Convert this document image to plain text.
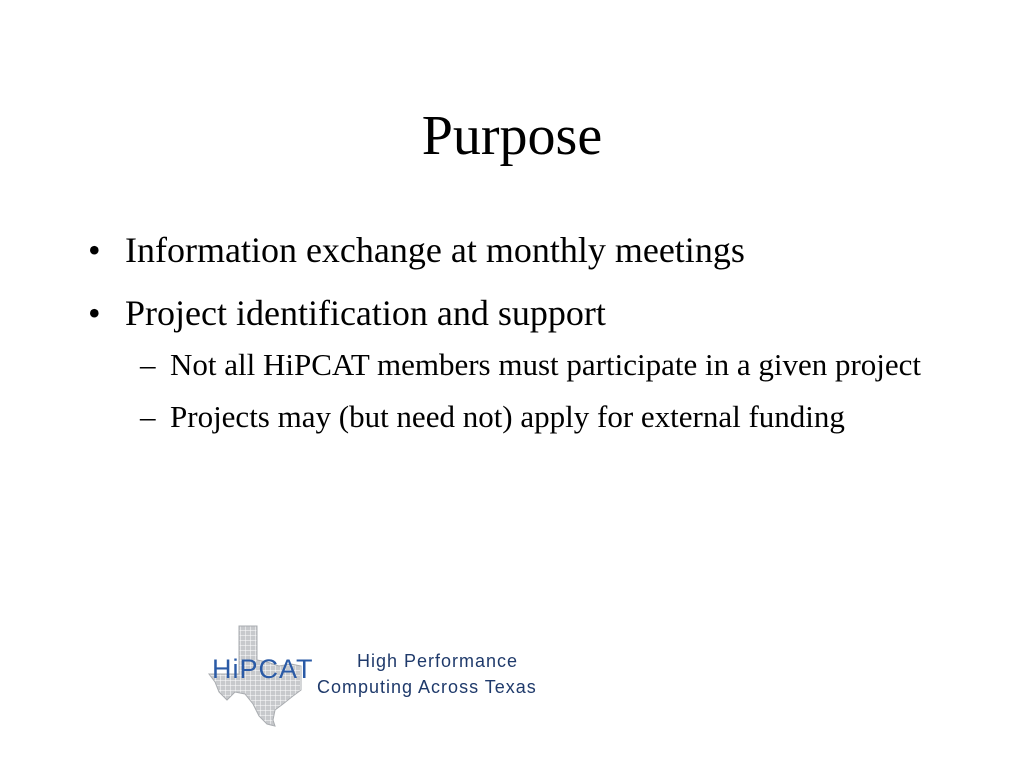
Purpose
• Information exchange at monthly meetings
• Project identification and support
– Not all HiPCAT members must participate in a given project
– Projects may (but need not) apply for external funding
HiPCAT High Performance
Computing Across Texas
